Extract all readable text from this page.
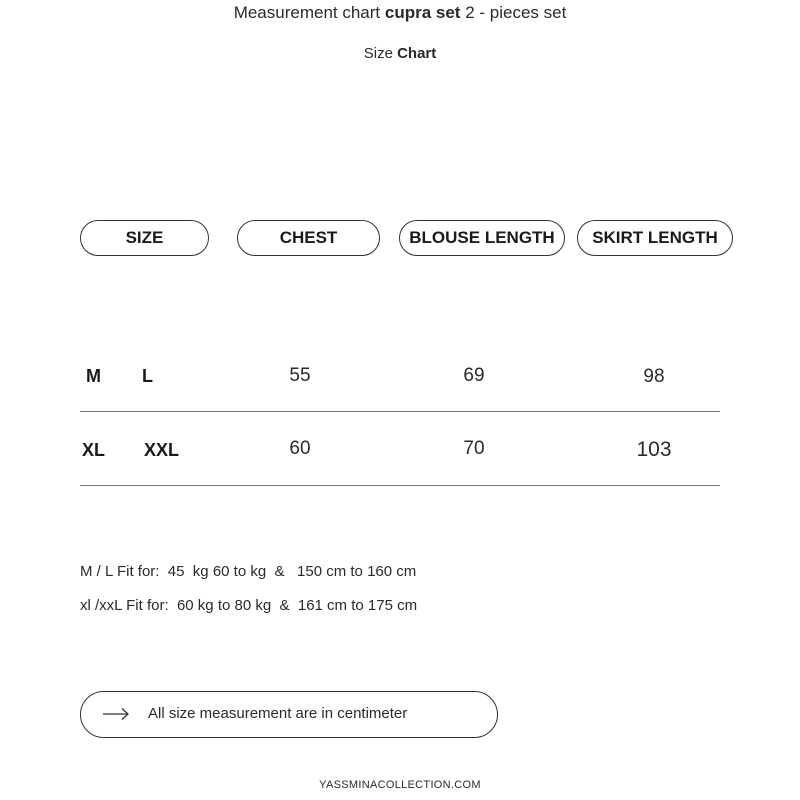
Measurement chart cupra set 2 - pieces set
Size Chart
SIZE	CHEST	BLOUSE LENGTH	SKIRT LENGTH
M L	55	69	98
XL XXL	60	70	103
M / L Fit for:  45  kg 60 to kg  &   150 cm to 160 cm
xl /xxL Fit for:  60 kg to 80 kg  &  161 cm to 175 cm
All size measurement are in centimeter
YASSMINACOLLECTION.COM
